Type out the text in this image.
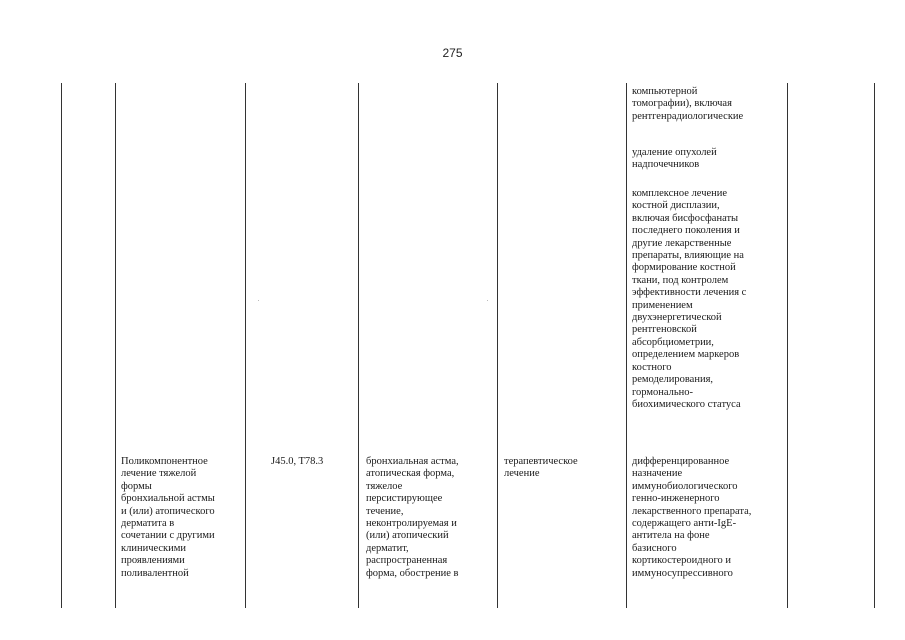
275
компьютерной
томографии), включая
рентгенрадиологические
удаление опухолей
надпочечников
комплексное лечение
костной дисплазии,
включая бисфосфанаты
последнего поколения и
другие лекарственные
препараты, влияющие на
формирование костной
ткани, под контролем
эффективности лечения с
применением
двухэнергетической
рентгеновской
абсорбциометрии,
определением маркеров
костного
ремоделирования,
гормонально-
биохимического статуса
Поликомпонентное
лечение тяжелой
формы
бронхиальной астмы
и (или) атопического
дерматита в
сочетании с другими
клиническими
проявлениями
поливалентной
J45.0, T78.3	бронхиальная астма,
атопическая форма,
тяжелое
персистирующее
течение,
неконтролируемая и
(или) атопический
дерматит,
распространенная
форма, обострение в
терапевтическое
лечение
дифференцированное
назначение
иммунобиологического
генно-инженерного
лекарственного препарата,
содержащего анти-IgE-
антитела на фоне
базисного
кортикостероидного и
иммуносупрессивного
